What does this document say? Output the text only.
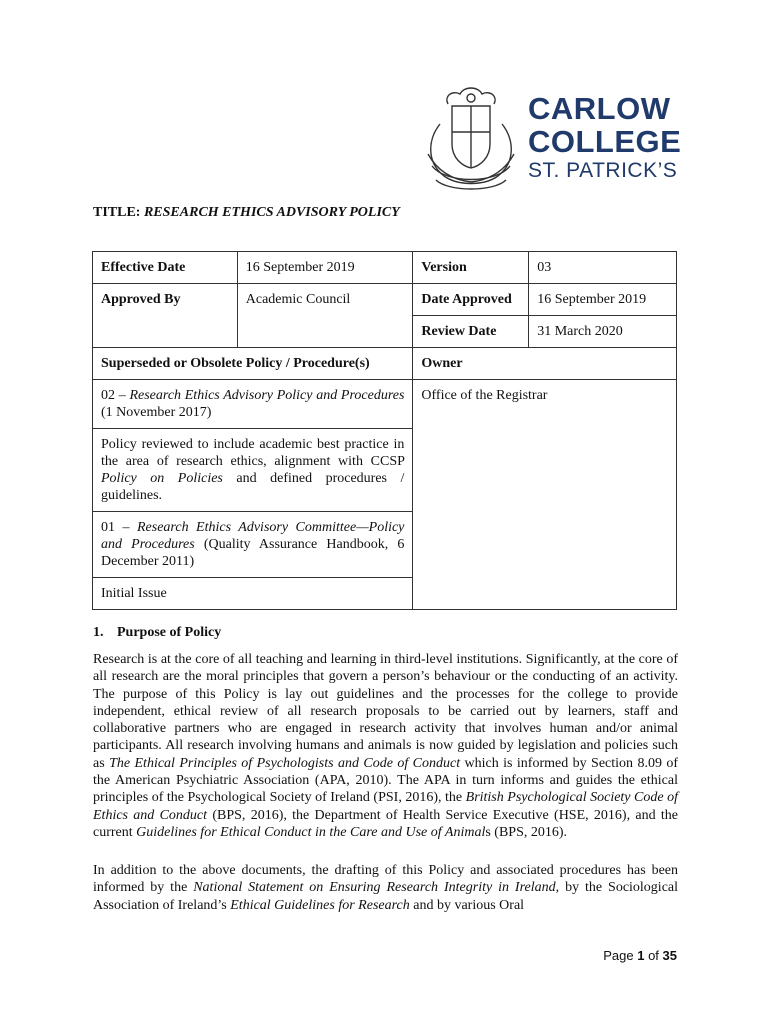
CARLOW
COLLEGE
ST. PATRICK’S
TITLE: RESEARCH ETHICS ADVISORY POLICY
Effective Date	16 September 2019	Version	03
Approved By	Academic Council	Date Approved	16 September 2019
		Review Date	31 March 2020
Superseded or Obsolete Policy / Procedure(s)		Owner	
02 – Research Ethics Advisory Policy and Procedures (1 November 2017)		Office of the Registrar	
Policy reviewed to include academic best practice in the area of research ethics, alignment with CCSP Policy on Policies and defined procedures / guidelines.			
01 – Research Ethics Advisory Committee—Policy and Procedures (Quality Assurance Handbook, 6 December 2011)			
Initial Issue			
1. Purpose of Policy
Research is at the core of all teaching and learning in third-level institutions. Significantly, at the core of all research are the moral principles that govern a person’s behaviour or the conducting of an activity. The purpose of this Policy is lay out guidelines and the processes for the college to provide independent, ethical review of all research proposals to be carried out by learners, staff and collaborative partners who are engaged in research activity that involves human and/or animal participants. All research involving humans and animals is now guided by legislation and policies such as The Ethical Principles of Psychologists and Code of Conduct which is informed by Section 8.09 of the American Psychiatric Association (APA, 2010). The APA in turn informs and guides the ethical principles of the Psychological Society of Ireland (PSI, 2016), the British Psychological Society Code of Ethics and Conduct (BPS, 2016), the Department of Health Service Executive (HSE, 2016), and the current Guidelines for Ethical Conduct in the Care and Use of Animals (BPS, 2016).
In addition to the above documents, the drafting of this Policy and associated procedures has been informed by the National Statement on Ensuring Research Integrity in Ireland, by the Sociological Association of Ireland’s Ethical Guidelines for Research and by various Oral
Page 1 of 35
